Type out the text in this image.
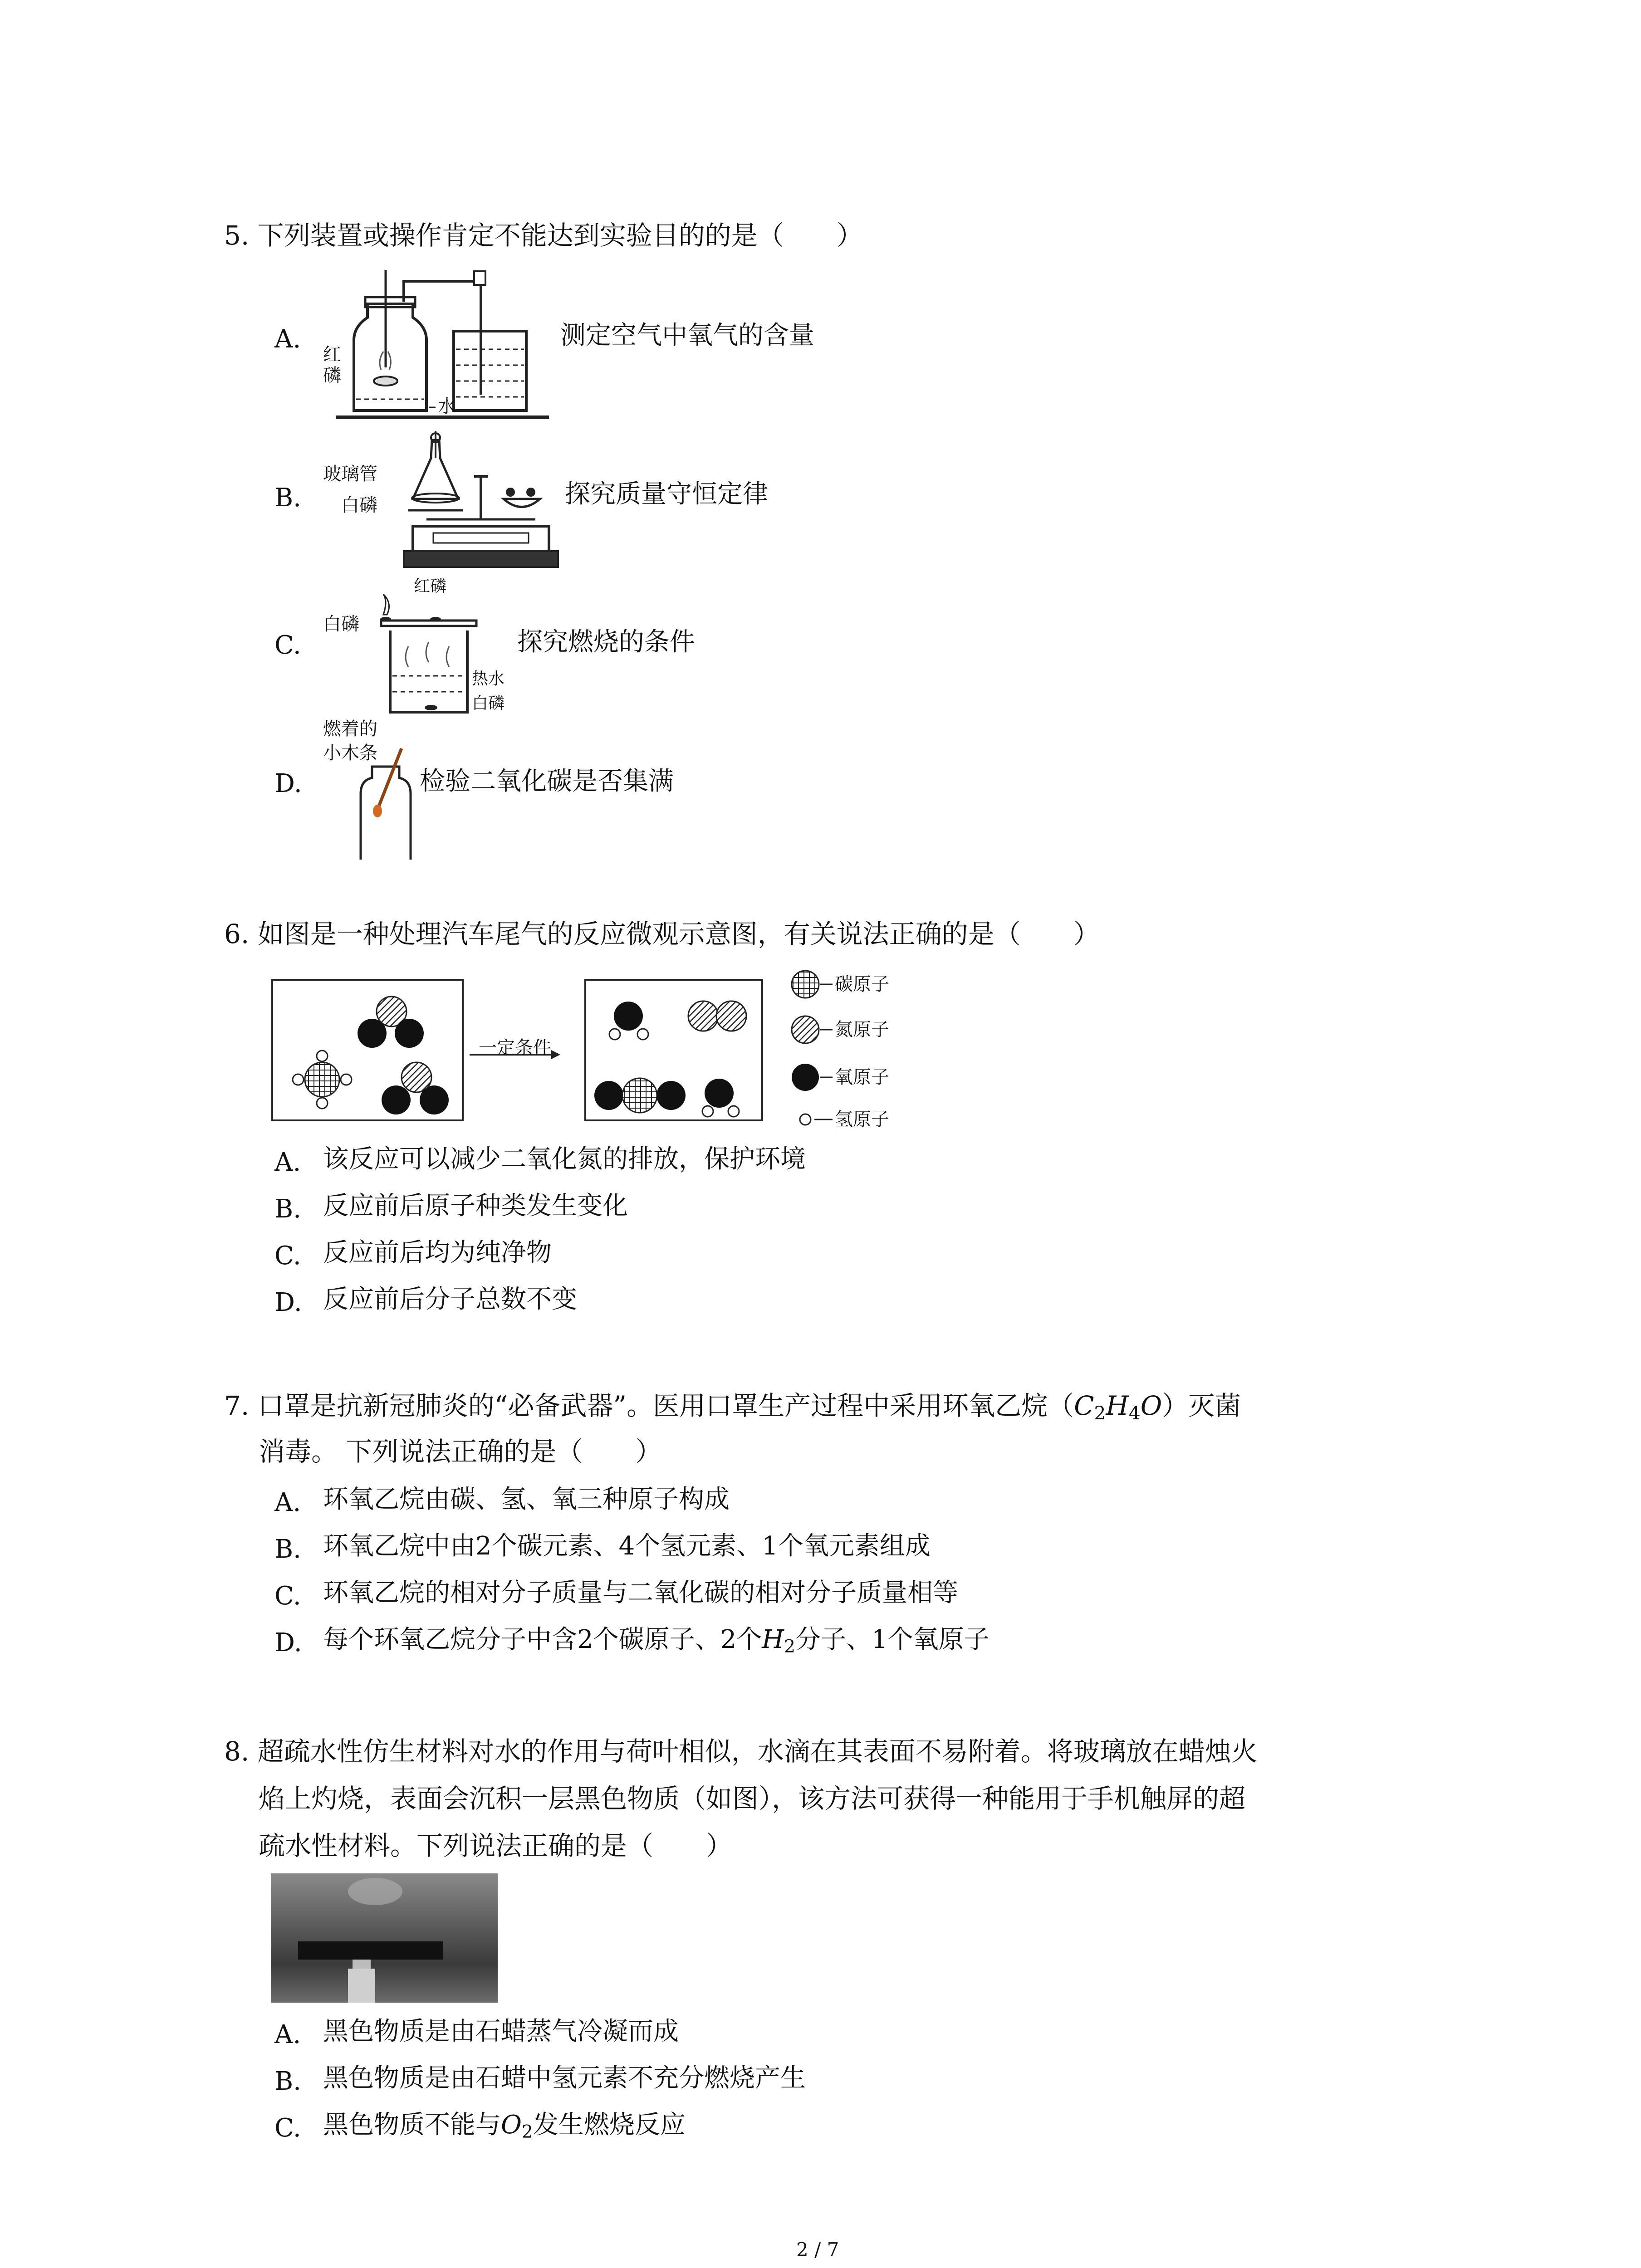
5. 下列装置或操作肯定不能达到实验目的的是（　　）
A.
红
磷
水
测定空气中氧气的含量
B.
玻璃管
白磷	探究质量守恒定律
C.
红磷
白磷
热水
白磷
探究燃烧的条件
D.
燃着的
小木条
检验二氧化碳是否集满
6. 如图是一种处理汽车尾气的反应微观示意图，有关说法正确的是（　　）
一定条件
碳原子
氮原子
氧原子
氢原子
A. 该反应可以减少二氧化氮的排放，保护环境
B. 反应前后原子种类发生变化
C. 反应前后均为纯净物
D. 反应前后分子总数不变
7. 口罩是抗新冠肺炎的“必备武器”。医用口罩生产过程中采用环氧乙烷（C2H4O）灭菌
消毒。 下列说法正确的是（　　）
A. 环氧乙烷由碳、氢、氧三种原子构成
B. 环氧乙烷中由2个碳元素、4个氢元素、1个氧元素组成
C. 环氧乙烷的相对分子质量与二氧化碳的相对分子质量相等
D. 每个环氧乙烷分子中含2个碳原子、2个H2分子、1个氧原子
8. 超疏水性仿生材料对水的作用与荷叶相似，水滴在其表面不易附着。将玻璃放在蜡烛火
焰上灼烧，表面会沉积一层黑色物质（如图），该方法可获得一种能用于手机触屏的超
疏水性材料。下列说法正确的是（　　）
A. 黑色物质是由石蜡蒸气冷凝而成
B. 黑色物质是由石蜡中氢元素不充分燃烧产生
C. 黑色物质不能与O2发生燃烧反应
2 / 7
